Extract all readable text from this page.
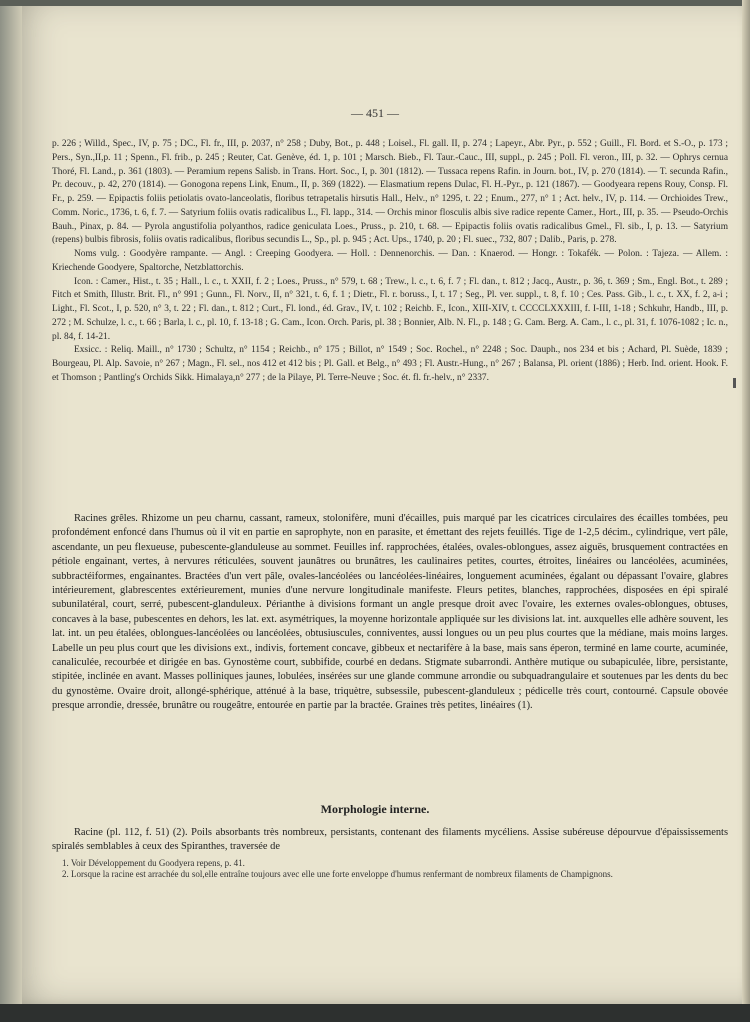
— 451 —

p. 226 ; Willd., Spec., IV, p. 75 ; DC., Fl. fr., III, p. 2037, n° 258 ; Duby, Bot., p. 448 ; Loisel., Fl. gall. II, p. 274 ; Lapeyr., Abr. Pyr., p. 552 ; Guill., Fl. Bord. et S.-O., p. 173 ; Pers., Syn.,II,p. 11 ; Spenn., Fl. frib., p. 245 ; Reuter, Cat. Genève, éd. 1, p. 101 ; Marsch. Bieb., Fl. Taur.-Cauc., III, suppl., p. 245 ; Poll. Fl. veron., III, p. 32. — Ophrys cernua Thoré, Fl. Land., p. 361 (1803). — Peramium repens Salisb. in Trans. Hort. Soc., I, p. 301 (1812). — Tussaca repens Rafin. in Journ. bot., IV, p. 270 (1814). — T. secunda Rafin., Pr. decouv., p. 42, 270 (1814). — Gonogona repens Link, Enum., II, p. 369 (1822). — Elasmatium repens Dulac, Fl. H.-Pyr., p. 121 (1867). — Goodyeara repens Rouy, Consp. Fl. Fr., p. 259. — Epipactis foliis petiolatis ovato-lanceolatis, floribus tetrapetalis hirsutis Hall., Helv., n° 1295, t. 22 ; Enum., 277, n° 1 ; Act. helv., IV, p. 114. — Orchioides Trew., Comm. Noric., 1736, t. 6, f. 7. — Satyrium foliis ovatis radicalibus L., Fl. lapp., 314. — Orchis minor flosculis albis sive radice repente Camer., Hort., III, p. 35. — Pseudo-Orchis Bauh., Pinax, p. 84. — Pyrola angustifolia polyanthos, radice geniculata Loes., Pruss., p. 210, t. 68. — Epipactis foliis ovatis radicalibus Gmel., Fl. sib., I, p. 13. — Satyrium (repens) bulbis fibrosis, foliis ovatis radicalibus, floribus secundis L., Sp., pl. p. 945 ; Act. Ups., 1740, p. 20 ; Fl. suec., 732, 807 ; Dalib., Paris, p. 278.

Noms vulg. : Goodyère rampante. — Angl. : Creeping Goodyera. — Holl. : Dennenorchis. — Dan. : Knaerod. — Hongr. : Tokafék. — Polon. : Tajeza. — Allem. : Kriechende Goodyere, Spaltorche, Netzblattorchis.

Icon. : Camer., Hist., t. 35 ; Hall., l. c., t. XXII, f. 2 ; Loes., Pruss., n° 579, t. 68 ; Trew., l. c., t. 6, f. 7 ; Fl. dan., t. 812 ; Jacq., Austr., p. 36, t. 369 ; Sm., Engl. Bot., t. 289 ; Fitch et Smith, Illustr. Brit. Fl., n° 991 ; Gunn., Fl. Norv., II, n° 321, t. 6, f. 1 ; Dietr., Fl. r. boruss., I, t. 17 ; Seg., Pl. ver. suppl., t. 8, f. 10 ; Ces. Pass. Gib., l. c., t. XX, f. 2, a-i ; Light., Fl. Scot., I, p. 520, n° 3, t. 22 ; Fl. dan., t. 812 ; Curt., Fl. lond., éd. Grav., IV, t. 102 ; Reichb. F., Icon., XIII-XIV, t. CCCCLXXXIII, f. I-III, 1-18 ; Schkuhr, Handb., III, p. 272 ; M. Schulze, l. c., t. 66 ; Barla, l. c., pl. 10, f. 13-18 ; G. Cam., Icon. Orch. Paris, pl. 38 ; Bonnier, Alb. N. Fl., p. 148 ; G. Cam. Berg. A. Cam., l. c., pl. 31, f. 1076-1082 ; Ic. n., pl. 84, f. 14-21.

Exsicc. : Reliq. Maill., n° 1730 ; Schultz, n° 1154 ; Reichb., n° 175 ; Billot, n° 1549 ; Soc. Rochel., n° 2248 ; Soc. Dauph., nos 234 et bis ; Achard, Pl. Suède, 1839 ; Bourgeau, Pl. Alp. Savoie, n° 267 ; Magn., Fl. sel., nos 412 et 412 bis ; Pl. Gall. et Belg., n° 493 ; Fl. Austr.-Hung., n° 267 ; Balansa, Pl. orient (1886) ; Herb. Ind. orient. Hook. F. et Thomson ; Pantling's Orchids Sikk. Himalaya,n° 277 ; de la Pilaye, Pl. Terre-Neuve ; Soc. ét. fl. fr.-helv., n° 2337.

Racines grêles. Rhizome un peu charnu, cassant, rameux, stolonifère, muni d'écailles, puis marqué par les cicatrices circulaires des écailles tombées, peu profondément enfoncé dans l'humus où il vit en partie en saprophyte, non en parasite, et émettant des rejets feuillés. Tige de 1-2,5 décim., cylindrique, vert pâle, ascendante, un peu flexueuse, pubescente-glanduleuse au sommet. Feuilles inf. rapprochées, étalées, ovales-oblongues, assez aiguës, brusquement contractées en pétiole engainant, vertes, à nervures réticulées, souvent jaunâtres ou brunâtres, les caulinaires petites, courtes, étroites, linéaires ou lancéolées, acuminées, subbractéiformes, engainantes. Bractées d'un vert pâle, ovales-lancéolées ou lancéolées-linéaires, longuement acuminées, égalant ou dépassant l'ovaire, glabres intérieurement, glabrescentes extérieurement, munies d'une nervure longitudinale manifeste. Fleurs petites, blanches, rapprochées, disposées en épi spiralé subunilatéral, court, serré, pubescent-glanduleux. Périanthe à divisions formant un angle presque droit avec l'ovaire, les externes ovales-oblongues, obtuses, concaves à la base, pubescentes en dehors, les lat. ext. asymétriques, la moyenne horizontale appliquée sur les divisions lat. int. auxquelles elle adhère souvent, les lat. int. un peu étalées, oblongues-lancéolées ou lancéolées, obtusiuscules, conniventes, aussi longues ou un peu plus courtes que la médiane, mais moins larges. Labelle un peu plus court que les divisions ext., indivis, fortement concave, gibbeux et nectarifère à la base, mais sans éperon, terminé en lame courte, acuminée, canaliculée, recourbée et dirigée en bas. Gynostème court, subbifide, courbé en dedans. Stigmate subarrondi. Anthère mutique ou subapiculée, libre, persistante, stipitée, inclinée en avant. Masses polliniques jaunes, lobulées, insérées sur une glande commune arrondie ou subquadrangulaire et soutenues par les dents du bec du gynostème. Ovaire droit, allongé-sphérique, atténué à la base, triquètre, subsessile, pubescent-glanduleux ; pédicelle très court, contourné. Capsule obovée presque arrondie, dressée, brunâtre ou rougeâtre, entourée en partie par la bractée. Graines très petites, linéaires (1).

Morphologie interne.

Racine (pl. 112, f. 51) (2). Poils absorbants très nombreux, persistants, contenant des filaments mycéliens. Assise subéreuse dépourvue d'épaississements spiralés semblables à ceux des Spiranthes, traversée de

1. Voir Développement du Goodyera repens, p. 41.

2. Lorsque la racine est arrachée du sol,elle entraîne toujours avec elle une forte enveloppe d'humus renfermant de nombreux filaments de Champignons.
